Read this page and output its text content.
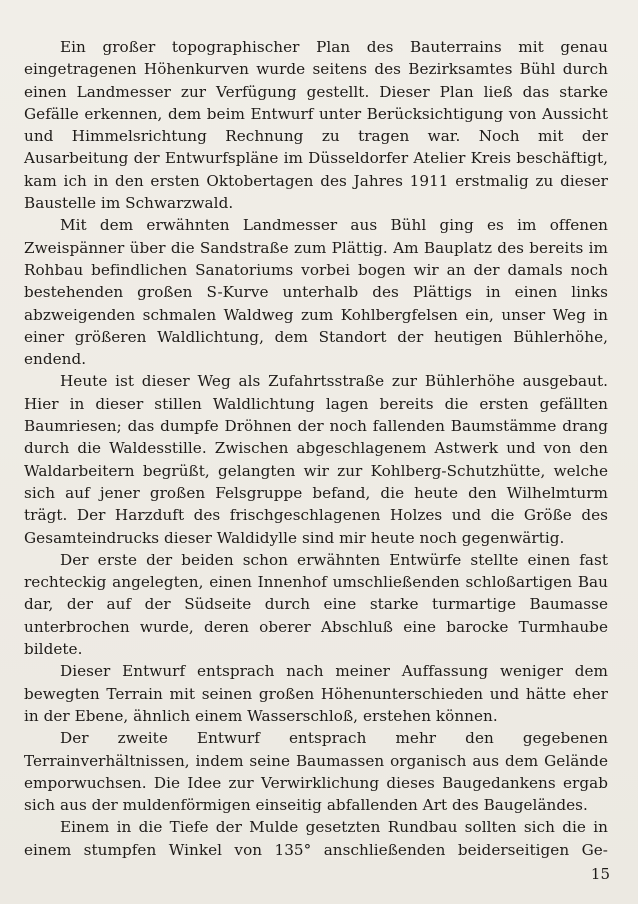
Ein großer topographischer Plan des Bauterrains mit genau eingetragenen Höhenkurven wurde seitens des Bezirksamtes Bühl durch einen Landmesser zur Verfügung gestellt. Dieser Plan ließ das starke Gefälle erkennen, dem beim Entwurf unter Berücksichtigung von Aussicht und Himmelsrichtung Rechnung zu tragen war. Noch mit der Ausarbeitung der Entwurfspläne im Düsseldorfer Atelier Kreis beschäftigt, kam ich in den ersten Oktobertagen des Jahres 1911 erstmalig zu dieser Baustelle im Schwarzwald.

Mit dem erwähnten Landmesser aus Bühl ging es im offenen Zweispänner über die Sandstraße zum Plättig. Am Bauplatz des bereits im Rohbau befindlichen Sanatoriums vorbei bogen wir an der damals noch bestehenden großen S-Kurve unterhalb des Plättigs in einen links abzweigenden schmalen Waldweg zum Kohlbergfelsen ein, unser Weg in einer größeren Waldlichtung, dem Standort der heutigen Bühlerhöhe, endend.

Heute ist dieser Weg als Zufahrtsstraße zur Bühlerhöhe ausgebaut. Hier in dieser stillen Waldlichtung lagen bereits die ersten gefällten Baumriesen; das dumpfe Dröhnen der noch fallenden Baumstämme drang durch die Waldesstille. Zwischen abgeschlagenem Astwerk und von den Waldarbeitern begrüßt, gelangten wir zur Kohlberg-Schutzhütte, welche sich auf jener großen Felsgruppe befand, die heute den Wilhelmturm trägt. Der Harzduft des frischgeschlagenen Holzes und die Größe des Gesamteindrucks dieser Waldidylle sind mir heute noch gegenwärtig.

Der erste der beiden schon erwähnten Entwürfe stellte einen fast rechteckig angelegten, einen Innenhof umschließenden schloßartigen Bau dar, der auf der Südseite durch eine starke turmartige Baumasse unterbrochen wurde, deren oberer Abschluß eine barocke Turmhaube bildete.

Dieser Entwurf entsprach nach meiner Auffassung weniger dem bewegten Terrain mit seinen großen Höhenunterschieden und hätte eher in der Ebene, ähnlich einem Wasserschloß, erstehen können.

Der zweite Entwurf entsprach mehr den gegebenen Terrainverhältnissen, indem seine Baumassen organisch aus dem Gelände emporwuchsen. Die Idee zur Verwirklichung dieses Baugedankens ergab sich aus der muldenförmigen einseitig abfallenden Art des Baugeländes.

Einem in die Tiefe der Mulde gesetzten Rundbau sollten sich die in einem stumpfen Winkel von 135° anschließenden beiderseitigen Ge-

15
